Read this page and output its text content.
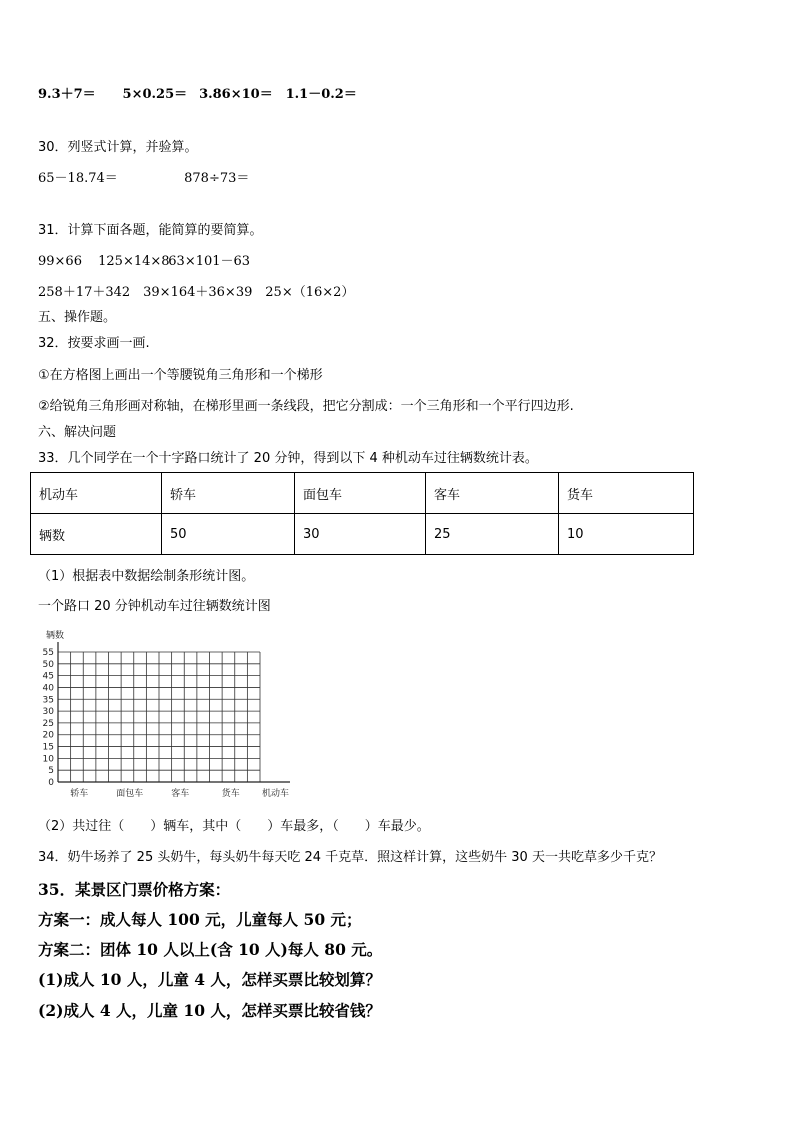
9.3＋7＝ 5×0.25＝ 3.86×10＝ 1.1－0.2＝
30．列竖式计算，并验算。
65－18.74＝	878÷73＝
31．计算下面各题，能简算的要简算。
99×66 125×14×8 63×101－63
258＋17＋342 39×164＋36×39 25×（16×2）
五、操作题。
32．按要求画一画.
①在方格图上画出一个等腰锐角三角形和一个梯形
②给锐角三角形画对称轴，在梯形里画一条线段，把它分割成：一个三角形和一个平行四边形.
六、解决问题
33．几个同学在一个十字路口统计了 20 分钟，得到以下 4 种机动车过往辆数统计表。
机动车	轿车	面包车	客车	货车
辆数	50	30	25	10
（1）根据表中数据绘制条形统计图。
一个路口 20 分钟机动车过往辆数统计图
0
5
10
15
20
25
30
35
40
45
50
55
轿车	面包车	客车	货车
辆数
机动车
（2）共过往（　　）辆车，其中（　　）车最多，（　　）车最少。
34．奶牛场养了 25 头奶牛，每头奶牛每天吃 24 千克草．照这样计算，这些奶牛 30 天一共吃草多少千克？
35．某景区门票价格方案：
方案一：成人每人 100 元，儿童每人 50 元；
方案二：团体 10 人以上(含 10 人)每人 80 元。
(1)成人 10 人，儿童 4 人，怎样买票比较划算？
(2)成人 4 人，儿童 10 人，怎样买票比较省钱？
